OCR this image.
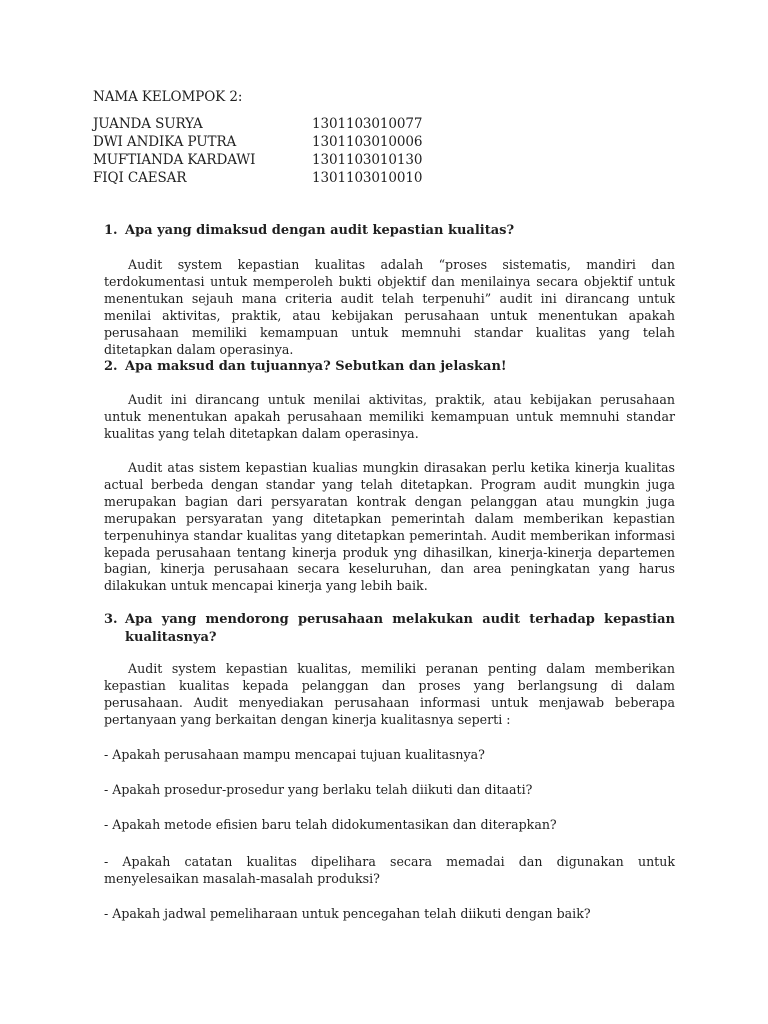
NAMA KELOMPOK 2:
JUANDA SURYA	1301103010077
DWI ANDIKA PUTRA	1301103010006
MUFTIANDA KARDAWI	1301103010130
FIQI CAESAR	1301103010010
1. Apa yang dimaksud dengan audit kepastian kualitas?

Audit system kepastian kualitas adalah “proses sistematis, mandiri dan terdokumentasi untuk memperoleh bukti objektif dan menilainya secara objektif untuk menentukan sejauh mana criteria audit telah terpenuhi” audit ini dirancang untuk menilai aktivitas, praktik, atau kebijakan perusahaan untuk menentukan apakah perusahaan memiliki kemampuan untuk memnuhi standar kualitas yang telah ditetapkan dalam operasinya.

2. Apa maksud dan tujuannya? Sebutkan dan jelaskan!

Audit ini dirancang untuk menilai aktivitas, praktik, atau kebijakan perusahaan untuk menentukan apakah perusahaan memiliki kemampuan untuk memnuhi standar kualitas yang telah ditetapkan dalam operasinya.

Audit atas sistem kepastian kualias mungkin dirasakan perlu ketika kinerja kualitas actual berbeda dengan standar yang telah ditetapkan. Program audit mungkin juga merupakan bagian dari persyaratan kontrak dengan pelanggan atau mungkin juga merupakan persyaratan yang ditetapkan pemerintah dalam memberikan kepastian terpenuhinya standar kualitas yang ditetapkan pemerintah. Audit memberikan informasi kepada perusahaan tentang kinerja produk yng dihasilkan, kinerja-kinerja departemen bagian, kinerja perusahaan secara keseluruhan, dan area peningkatan yang harus dilakukan untuk mencapai kinerja yang lebih baik.

3. Apa yang mendorong perusahaan melakukan audit terhadap kepastian
kualitasnya?

Audit system kepastian kualitas, memiliki peranan penting dalam memberikan kepastian kualitas kepada pelanggan dan proses yang berlangsung di dalam perusahaan. Audit menyediakan perusahaan informasi untuk menjawab beberapa pertanyaan yang berkaitan dengan kinerja kualitasnya seperti :

- Apakah perusahaan mampu mencapai tujuan kualitasnya?

- Apakah prosedur-prosedur yang berlaku telah diikuti dan ditaati?

- Apakah metode efisien baru telah didokumentasikan dan diterapkan?

- Apakah catatan kualitas dipelihara secara memadai dan digunakan untuk menyelesaikan masalah-masalah produksi?

- Apakah jadwal pemeliharaan untuk pencegahan telah diikuti dengan baik?
